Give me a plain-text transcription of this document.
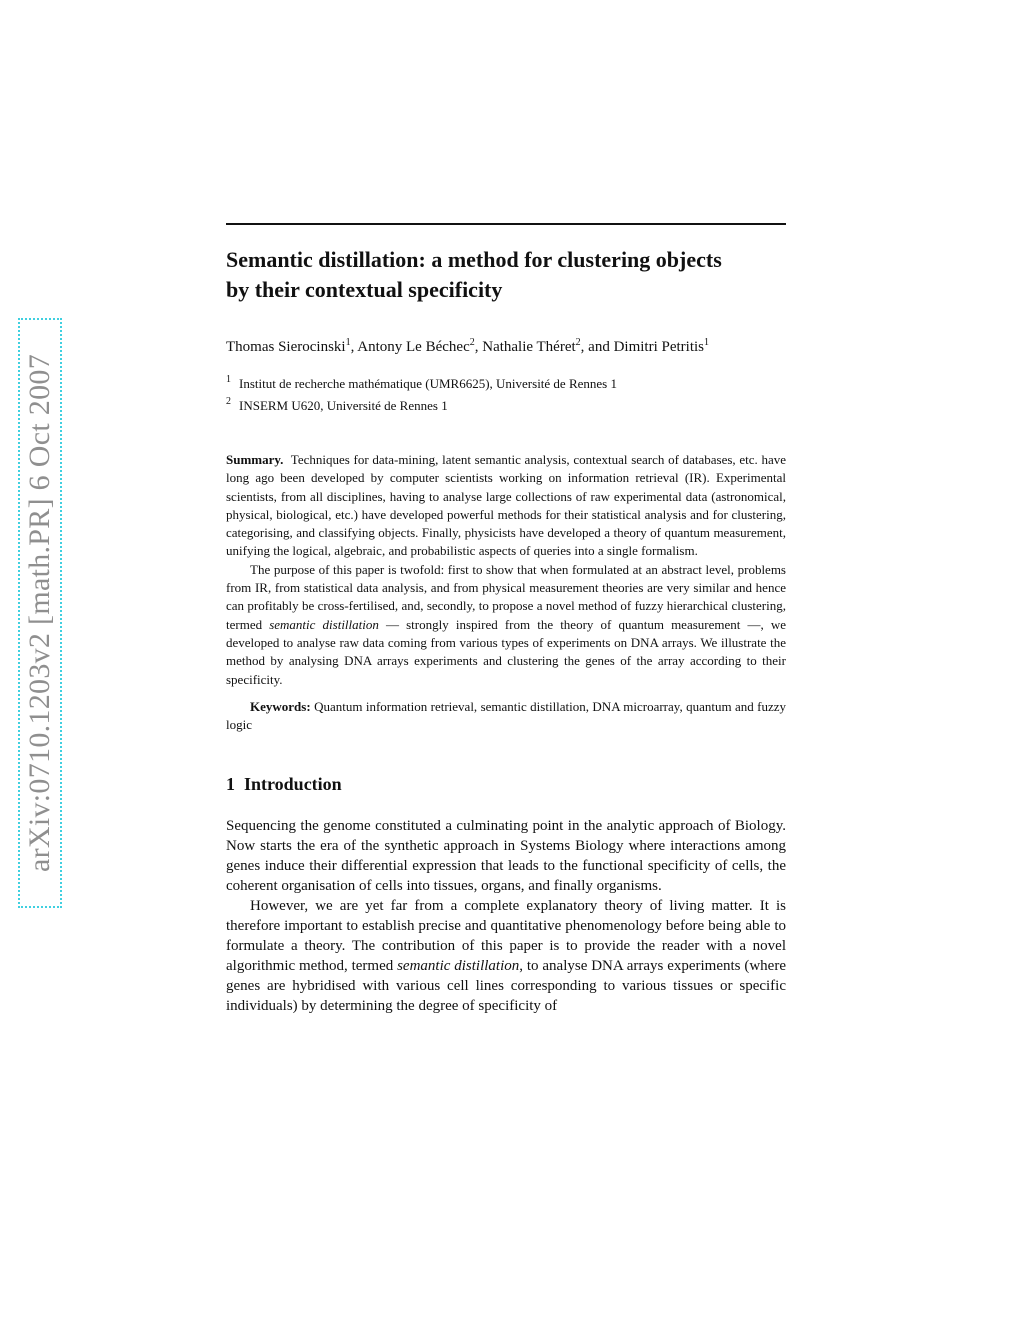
arXiv:0710.1203v2 [math.PR] 6 Oct 2007
Semantic distillation: a method for clustering objects
by their contextual specificity
Thomas Sierocinski$^1$, Antony Le Béchec$^2$, Nathalie Théret$^2$, and Dimitri Petritis$^1$
$^1$ Institut de recherche mathématique (UMR6625), Université de Rennes 1
$^2$ INSERM U620, Université de Rennes 1

Summary. Techniques for data-mining, latent semantic analysis, contextual search of databases, etc. have long ago been developed by computer scientists working on information retrieval (IR). Experimental scientists, from all disciplines, having to analyse large collections of raw experimental data (astronomical, physical, biological, etc.) have developed powerful methods for their statistical analysis and for clustering, categorising, and classifying objects. Finally, physicists have developed a theory of quantum measurement, unifying the logical, algebraic, and probabilistic aspects of queries into a single formalism.

The purpose of this paper is twofold: first to show that when formulated at an abstract level, problems from IR, from statistical data analysis, and from physical measurement theories are very similar and hence can profitably be cross-fertilised, and, secondly, to propose a novel method of fuzzy hierarchical clustering, termed semantic distillation — strongly inspired from the theory of quantum measurement —, we developed to analyse raw data coming from various types of experiments on DNA arrays. We illustrate the method by analysing DNA arrays experiments and clustering the genes of the array according to their specificity.

Keywords: Quantum information retrieval, semantic distillation, DNA microarray, quantum and fuzzy logic

1 Introduction

Sequencing the genome constituted a culminating point in the analytic approach of Biology. Now starts the era of the synthetic approach in Systems Biology where interactions among genes induce their differential expression that leads to the functional specificity of cells, the coherent organisation of cells into tissues, organs, and finally organisms.

However, we are yet far from a complete explanatory theory of living matter. It is therefore important to establish precise and quantitative phenomenology before being able to formulate a theory. The contribution of this paper is to provide the reader with a novel algorithmic method, termed semantic distillation, to analyse DNA arrays experiments (where genes are hybridised with various cell lines corresponding to various tissues or specific individuals) by determining the degree of specificity of
